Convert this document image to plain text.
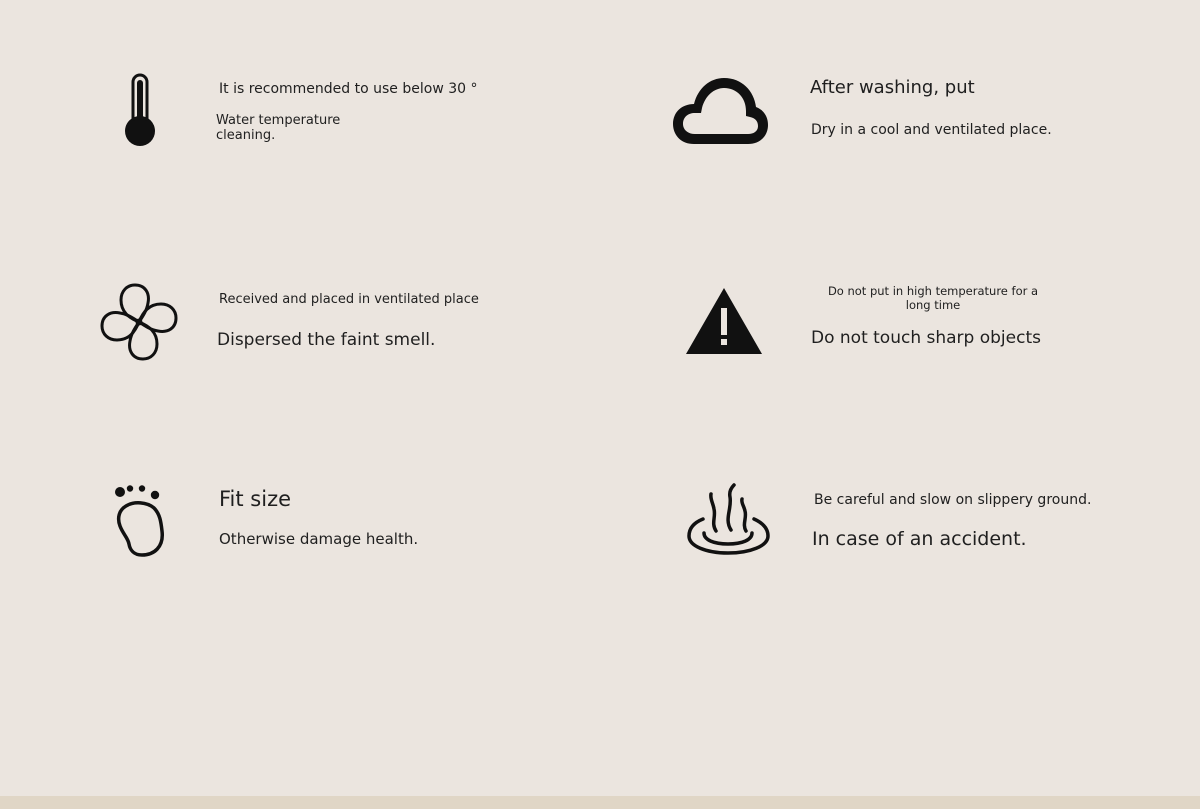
It is recommended to use below 30 °

Water temperature cleaning.

After washing, put

Dry in a cool and ventilated place.

Received and placed in ventilated place

Dispersed the faint smell.

Do not put in high temperature for a long time

Do not touch sharp objects

Fit size

Otherwise damage health.

Be careful and slow on slippery ground.

In case of an accident.
